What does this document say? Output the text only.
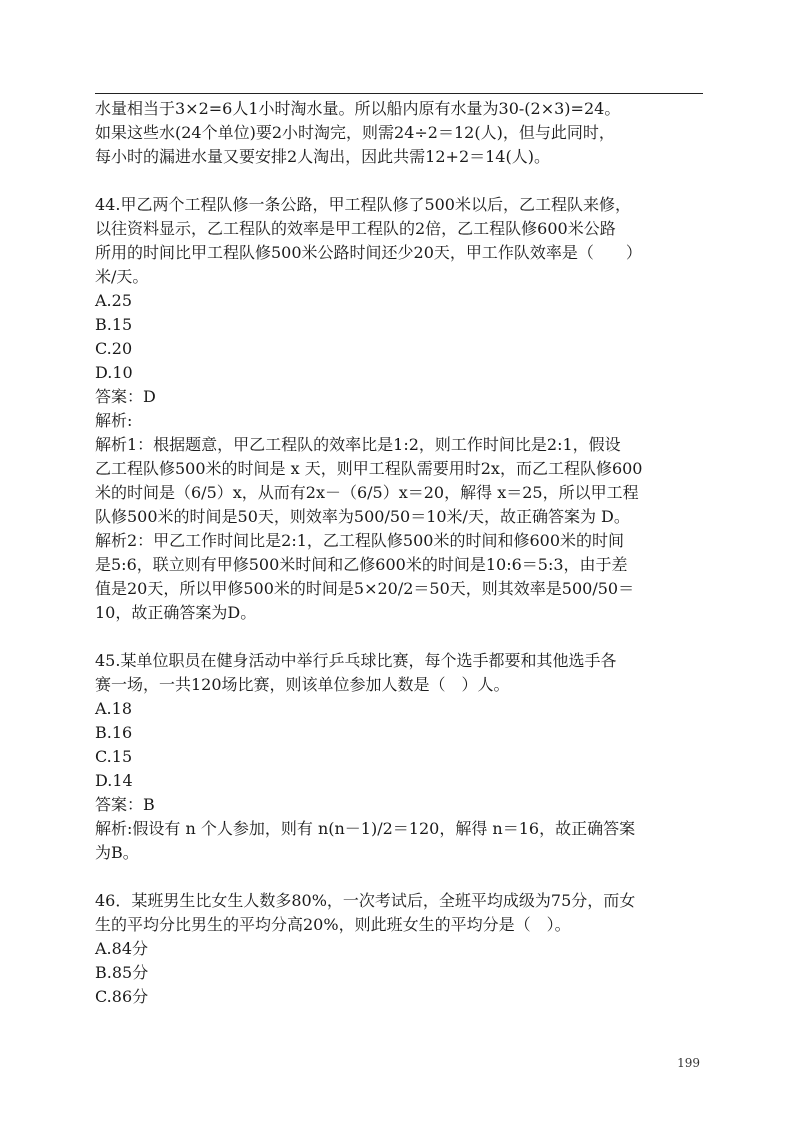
水量相当于3×2=6人1小时淘水量。所以船内原有水量为30-(2×3)=24。
如果这些水(24个单位)要2小时淘完，则需24÷2＝12(人)，但与此同时，
每小时的漏进水量又要安排2人淘出，因此共需12+2＝14(人)。
44.甲乙两个工程队修一条公路，甲工程队修了500米以后，乙工程队来修，
以往资料显示，乙工程队的效率是甲工程队的2倍，乙工程队修600米公路
所用的时间比甲工程队修500米公路时间还少20天，甲工作队效率是（　　）
米/天。
A.25
B.15
C.20
D.10
答案：D
解析:
解析1：根据题意，甲乙工程队的效率比是1:2，则工作时间比是2:1，假设
乙工程队修500米的时间是 x 天，则甲工程队需要用时2x，而乙工程队修600
米的时间是（6/5）x，从而有2x－（6/5）x＝20，解得 x＝25，所以甲工程
队修500米的时间是50天，则效率为500/50＝10米/天，故正确答案为 D。
解析2：甲乙工作时间比是2:1，乙工程队修500米的时间和修600米的时间
是5:6，联立则有甲修500米时间和乙修600米的时间是10:6＝5:3，由于差
值是20天，所以甲修500米的时间是5×20/2＝50天，则其效率是500/50＝
10，故正确答案为D。
45.某单位职员在健身活动中举行乒乓球比赛，每个选手都要和其他选手各
赛一场，一共120场比赛，则该单位参加人数是（　）人。
A.18
B.16
C.15
D.14
答案：B
解析:假设有 n 个人参加，则有 n(n－1)/2＝120，解得 n＝16，故正确答案
为B。
46．某班男生比女生人数多80%，一次考试后，全班平均成级为75分，而女
生的平均分比男生的平均分高20%，则此班女生的平均分是（　）。
A.84分
B.85分
C.86分
199
